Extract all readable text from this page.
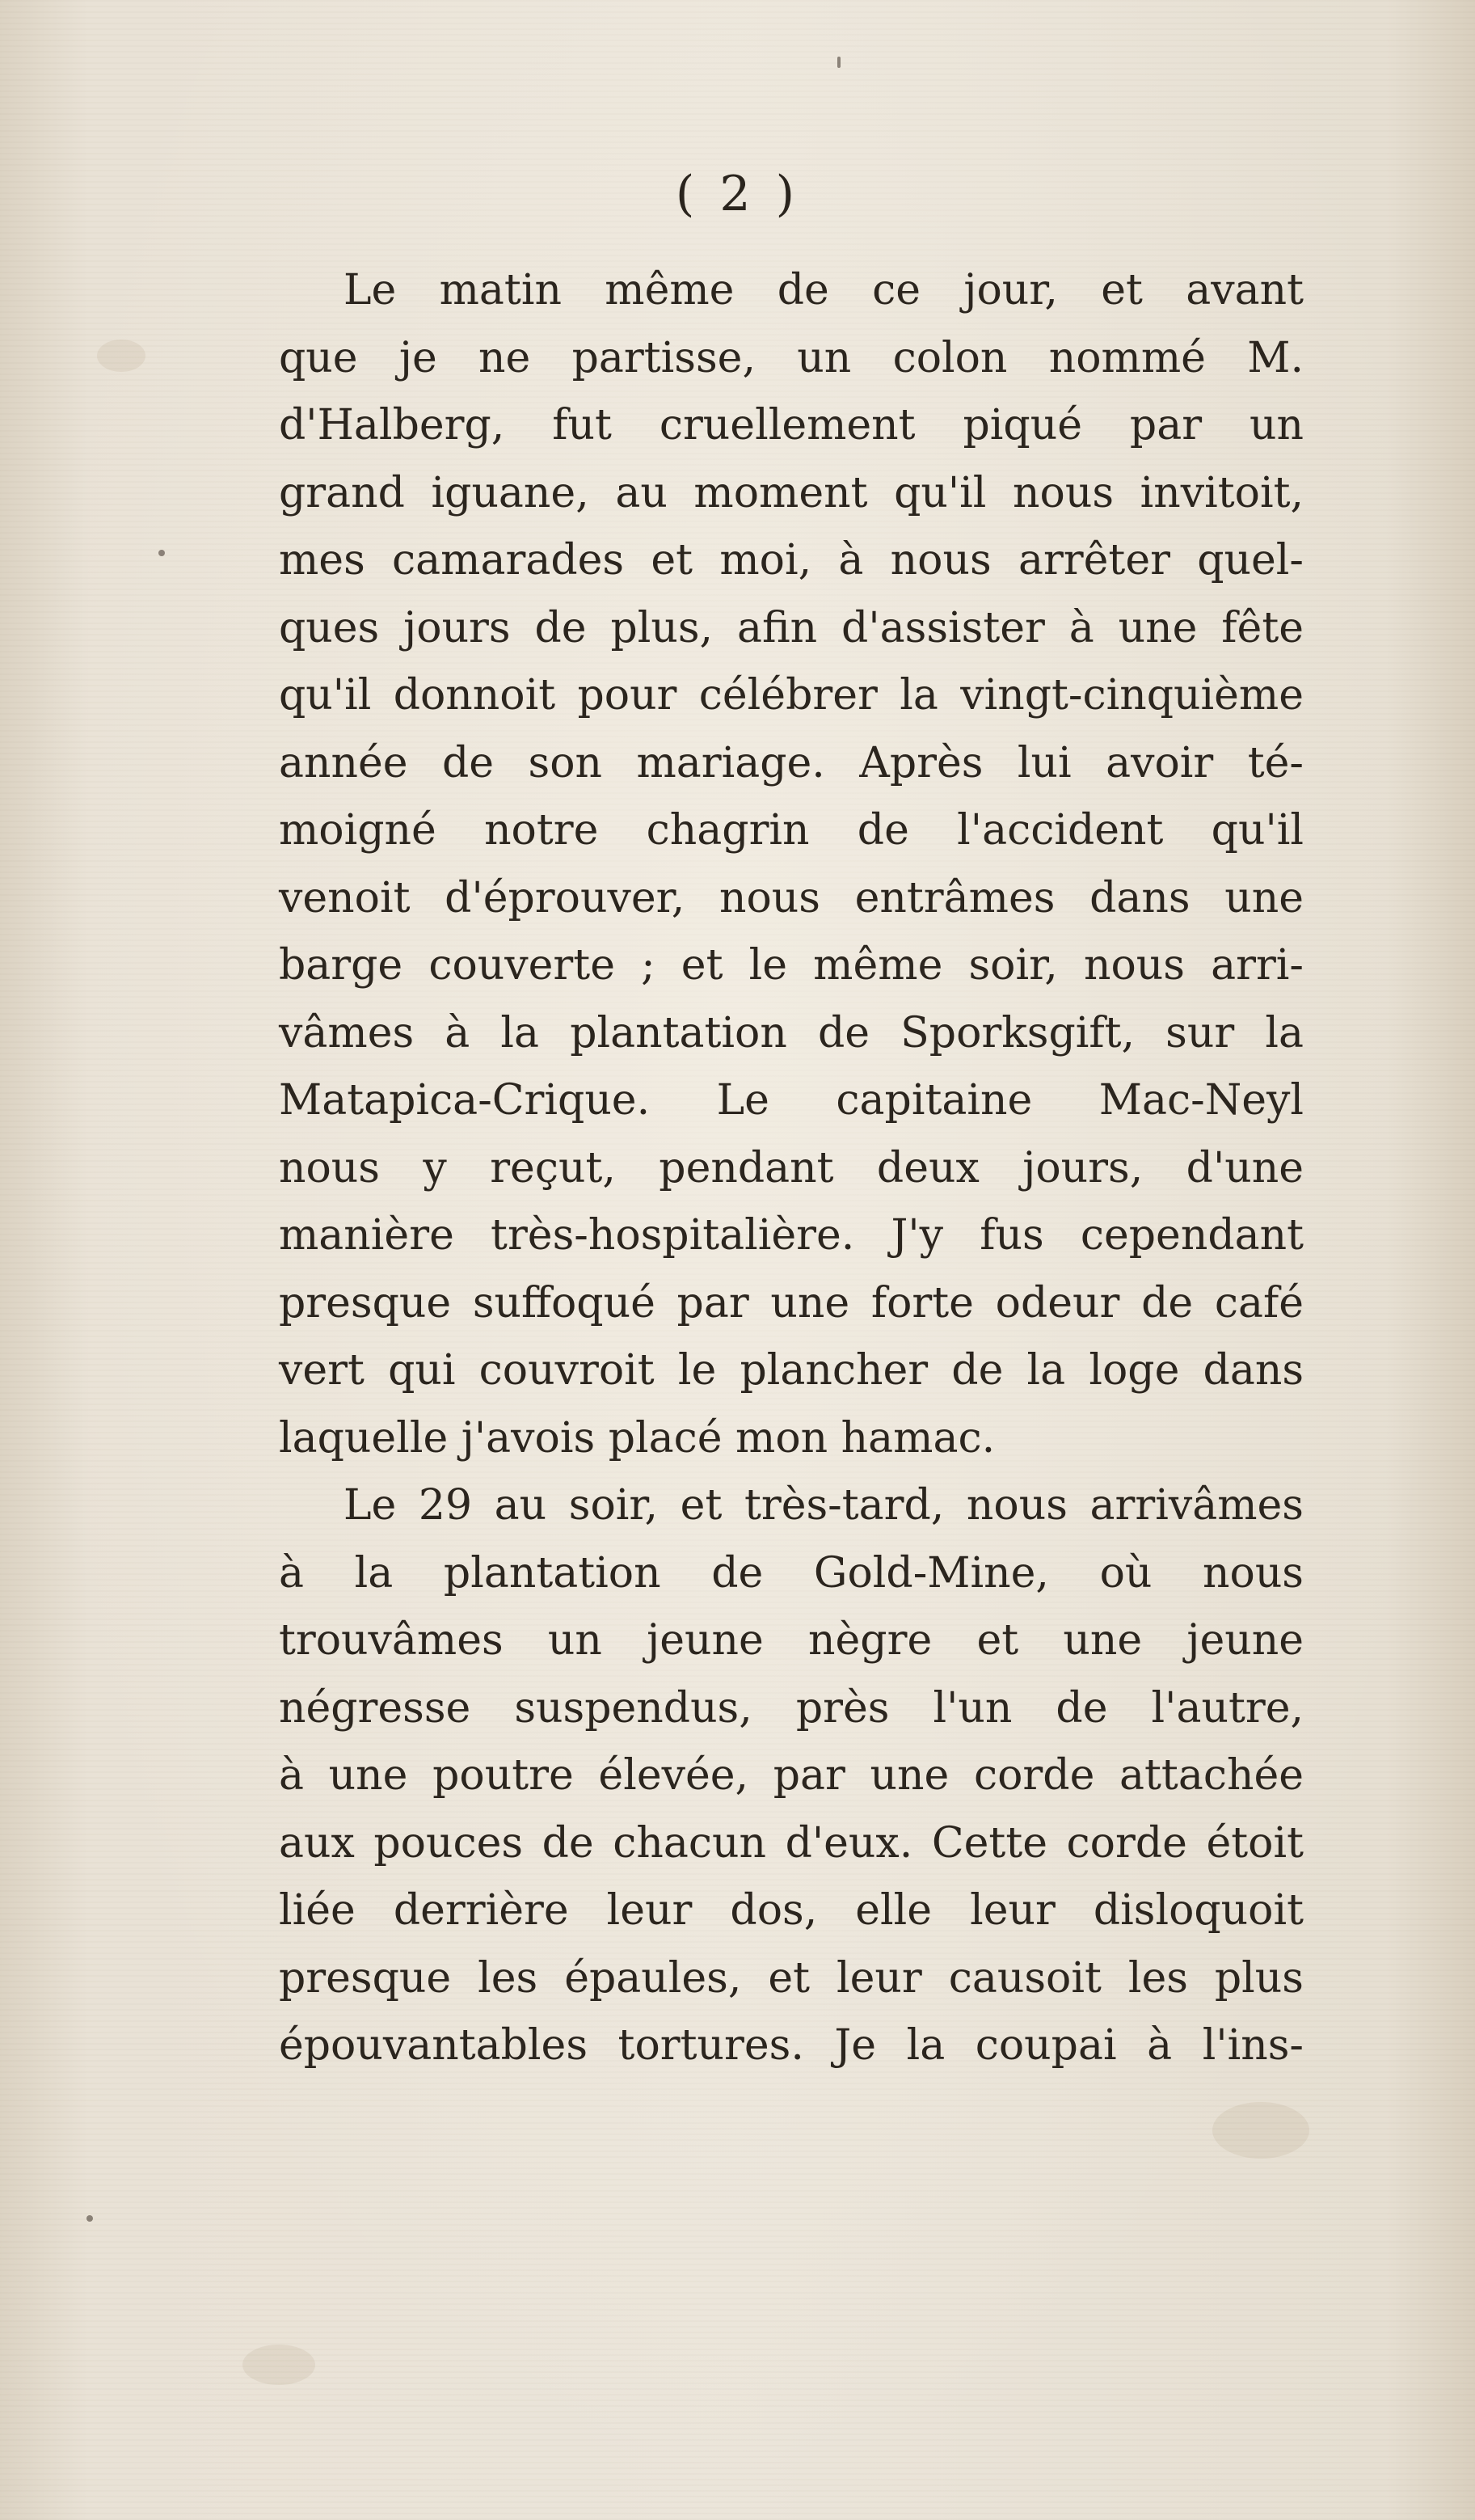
( 2 )
Le matin même de ce jour, et avant
que je ne partisse, un colon nommé M.
d'Halberg, fut cruellement piqué par un
grand iguane, au moment qu'il nous invitoit,
mes camarades et moi, à nous arrêter quel-
ques jours de plus, afin d'assister à une fête
qu'il donnoit pour célébrer la vingt-cinquième
année de son mariage. Après lui avoir té-
moigné notre chagrin de l'accident qu'il
venoit d'éprouver, nous entrâmes dans une
barge couverte ; et le même soir, nous arri-
vâmes à la plantation de Sporksgift, sur la
Matapica-Crique. Le capitaine Mac-Neyl
nous y reçut, pendant deux jours, d'une
manière très-hospitalière. J'y fus cependant
presque suffoqué par une forte odeur de café
vert qui couvroit le plancher de la loge dans
laquelle j'avois placé mon hamac.
Le 29 au soir, et très-tard, nous arrivâmes
à la plantation de Gold-Mine, où nous
trouvâmes un jeune nègre et une jeune
négresse suspendus, près l'un de l'autre,
à une poutre élevée, par une corde attachée
aux pouces de chacun d'eux. Cette corde étoit
liée derrière leur dos, elle leur disloquoit
presque les épaules, et leur causoit les plus
épouvantables tortures. Je la coupai à l'ins-
